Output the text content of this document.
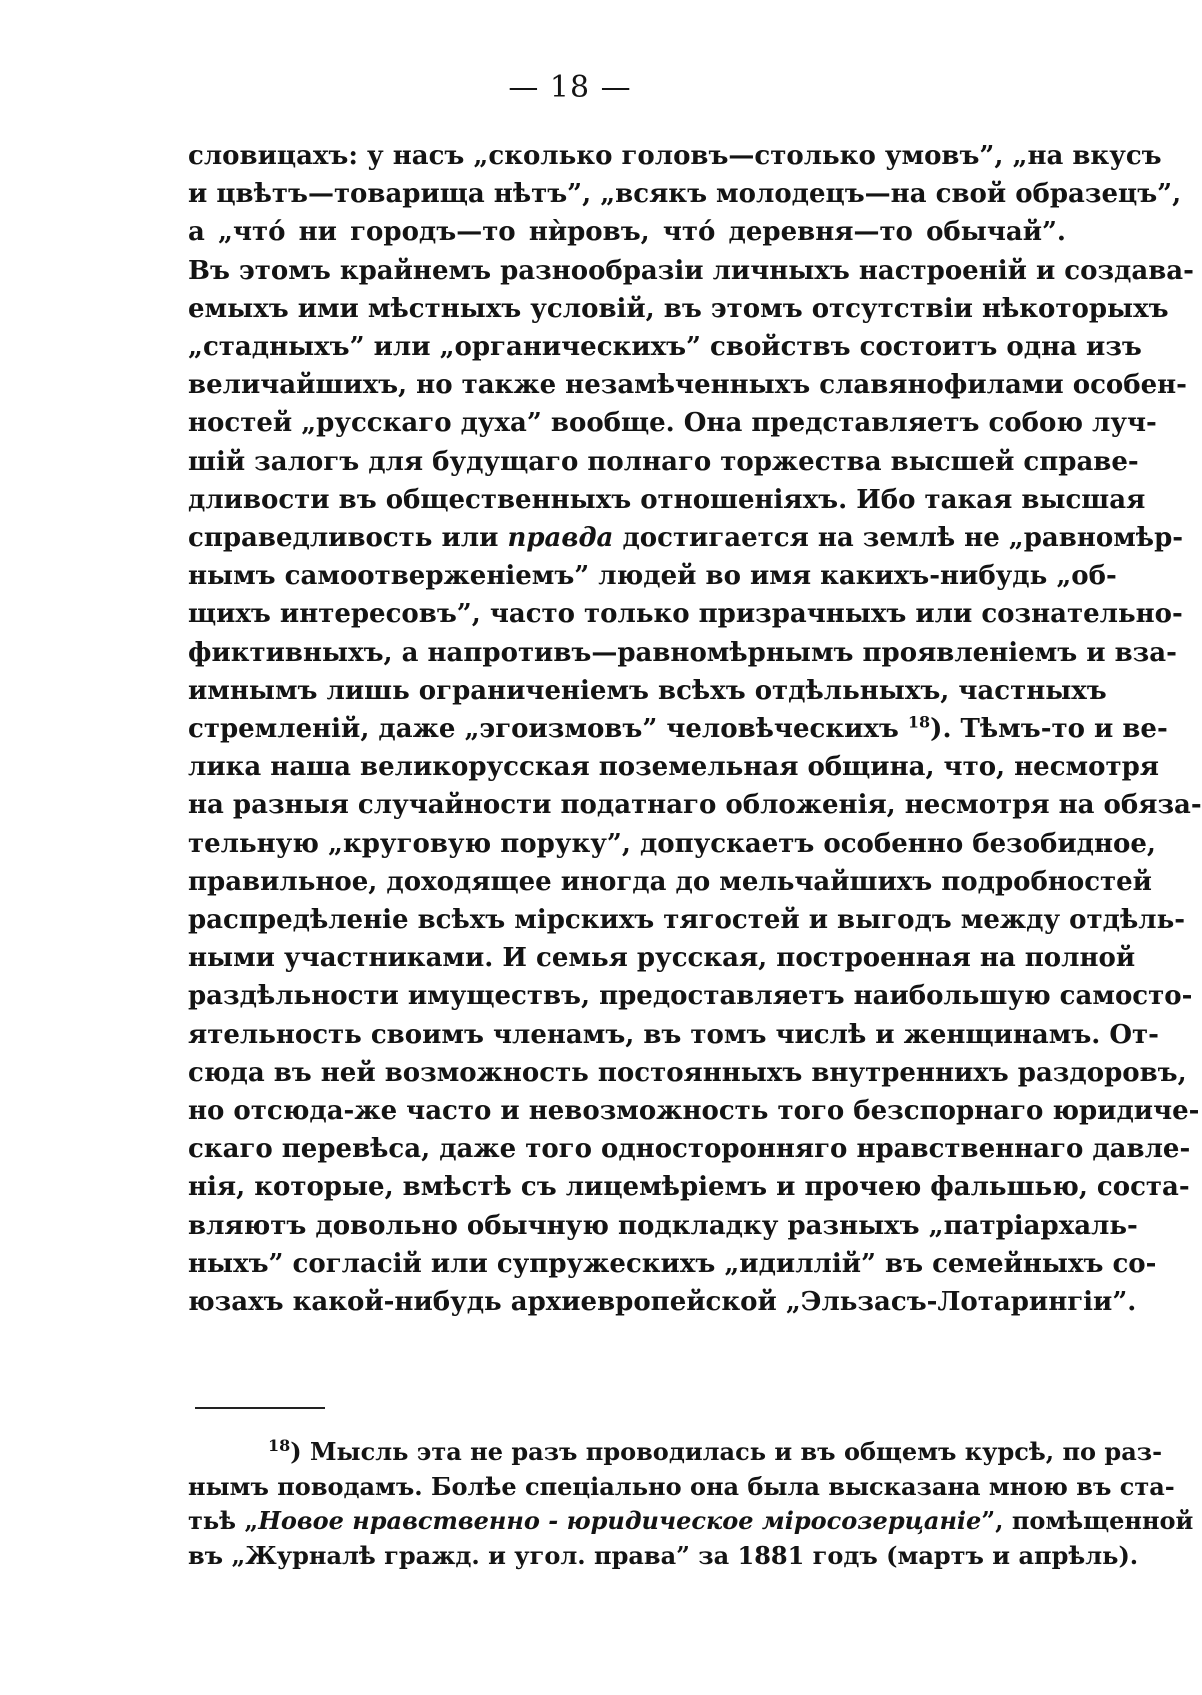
— 18 —
словицахъ: у насъ „сколько головъ—столько умовъ”, „на вкусъ
и цвѣтъ—товарища нѣтъ”, „всякъ молодецъ—на свой образецъ”,
а „что́ ни городъ—то нѝровъ, что́ деревня—то обычай”.
Въ этомъ крайнемъ разнообразіи личныхъ настроеній и создава-
емыхъ ими мѣстныхъ условій, въ этомъ отсутствіи нѣкоторыхъ
„стадныхъ” или „органическихъ” свойствъ состоитъ одна изъ
величайшихъ, но также незамѣченныхъ славянофилами особен-
ностей „русскаго духа” вообще. Она представляетъ собою луч-
шій залогъ для будущаго полнаго торжества высшей справе-
дливости въ общественныхъ отношеніяхъ. Ибо такая высшая
справедливость или правда достигается на землѣ не „равномѣр-
нымъ самоотверженіемъ” людей во имя какихъ-нибудь „об-
щихъ интересовъ”, часто только призрачныхъ или сознательно-
фиктивныхъ, а напротивъ—равномѣрнымъ проявленіемъ и вза-
имнымъ лишь ограниченіемъ всѣхъ отдѣльныхъ, частныхъ
стремленій, даже „эгоизмовъ” человѣческихъ $^{18}$). Тѣмъ-то и ве-
лика наша великорусская поземельная община, что, несмотря
на разныя случайности податнаго обложенія, несмотря на обяза-
тельную „круговую поруку”, допускаетъ особенно безобидное,
правильное, доходящее иногда до мельчайшихъ подробностей
распредѣленіе всѣхъ мірскихъ тягостей и выгодъ между отдѣль-
ными участниками. И семья русская, построенная на полной
раздѣльности имуществъ, предоставляетъ наибольшую самосто-
ятельность своимъ членамъ, въ томъ числѣ и женщинамъ. От-
сюда въ ней возможность постоянныхъ внутреннихъ раздоровъ,
но отсюда-же часто и невозможность того безспорнаго юридиче-
скаго перевѣса, даже того односторонняго нравственнаго давле-
нія, которые, вмѣстѣ съ лицемѣріемъ и прочею фальшью, соста-
вляютъ довольно обычную подкладку разныхъ „патріархаль-
ныхъ” согласій или супружескихъ „идиллій” въ семейныхъ со-
юзахъ какой-нибудь архиевропейской „Эльзасъ-Лотарингіи”.
$^{18}$) Мысль эта не разъ проводилась и въ общемъ курсѣ, по раз-
нымъ поводамъ. Болѣе спеціально она была высказана мною въ ста-
тьѣ „Новое нравственно - юридическое міросозерцаніе”, помѣщенной
въ „Журналѣ гражд. и угол. права” за 1881 годъ (мартъ и апрѣль).
